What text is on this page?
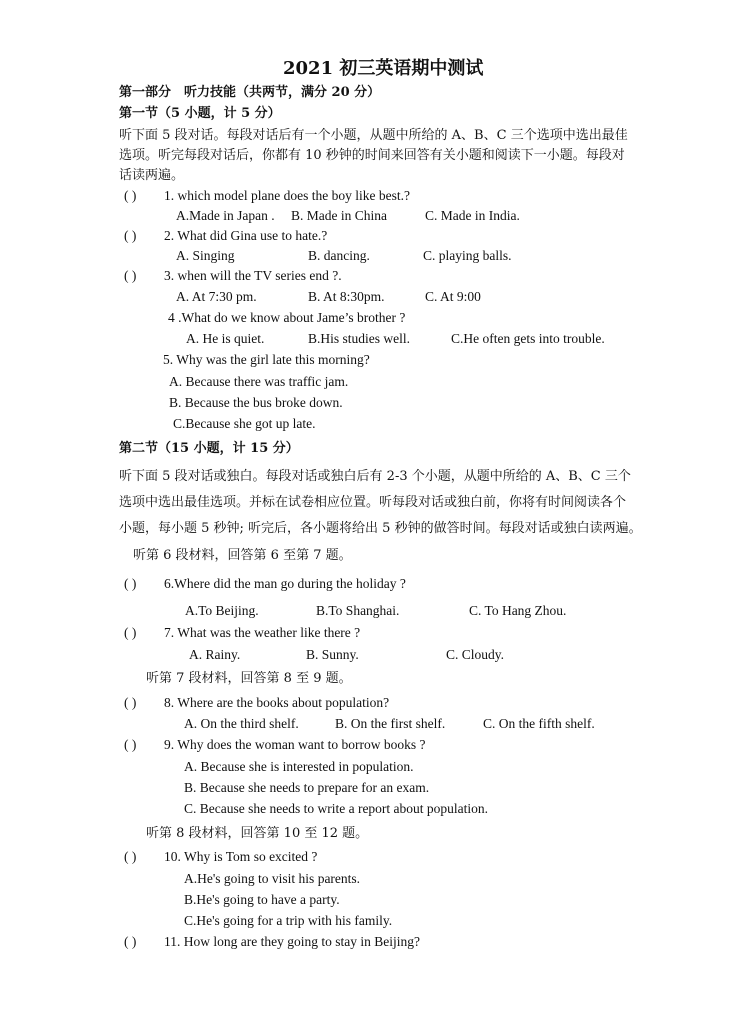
2021 初三英语期中测试
第一部分　听力技能（共两节，满分 20 分）
第一节（5 小题，计 5 分）
听下面 5 段对话。每段对话后有一个小题，从题中所给的 A、B、C 三个选项中选出最佳
选项。听完每段对话后，你都有 10 秒钟的时间来回答有关小题和阅读下一小题。每段对
话读两遍。
( ) 1. which model plane does the boy like best.?
A.Made in Japan . B. Made in China	C. Made in India.
( ) 2. What did Gina use to hate.?
A. Singing	B. dancing.	C. playing balls.
( ) 3. when will the TV series end ?.
A. At 7:30 pm.	B. At 8:30pm.	C. At 9:00
4 .What do we know about Jame’s brother ?
A. He is quiet.	B.His studies well.	C.He often gets into trouble.
5. Why was the girl late this morning?
A. Because there was traffic jam.
B. Because the bus broke down.
C.Because she got up late.
第二节（15 小题，计 15 分）
听下面 5 段对话或独白。每段对话或独白后有 2-3 个小题，从题中所给的 A、B、C 三个
选项中选出最佳选项。并标在试卷相应位置。听每段对话或独白前，你将有时间阅读各个
小题，每小题 5 秒钟; 听完后，各小题将给出 5 秒钟的做答时间。每段对话或独白读两遍。
听第 6 段材料，回答第 6 至第 7 题。
( ) 6.Where did the man go during the holiday ?
A.To Beijing.	B.To Shanghai.	C. To Hang Zhou.
( ) 7. What was the weather like there ?
A. Rainy.	B. Sunny.	C. Cloudy.
听第 7 段材料，回答第 8 至 9 题。
( ) 8. Where are the books about population?
A. On the third shelf.	B. On the first shelf.	C. On the fifth shelf.
( ) 9. Why does the woman want to borrow books ?
A. Because she is interested in population.
B. Because she needs to prepare for an exam.
C. Because she needs to write a report about population.
听第 8 段材料，回答第 10 至 12 题。
( ) 10. Why is Tom so excited ?
A.He's going to visit his parents.
B.He's going to have a party.
C.He's going for a trip with his family.
( ) 11. How long are they going to stay in Beijing?
